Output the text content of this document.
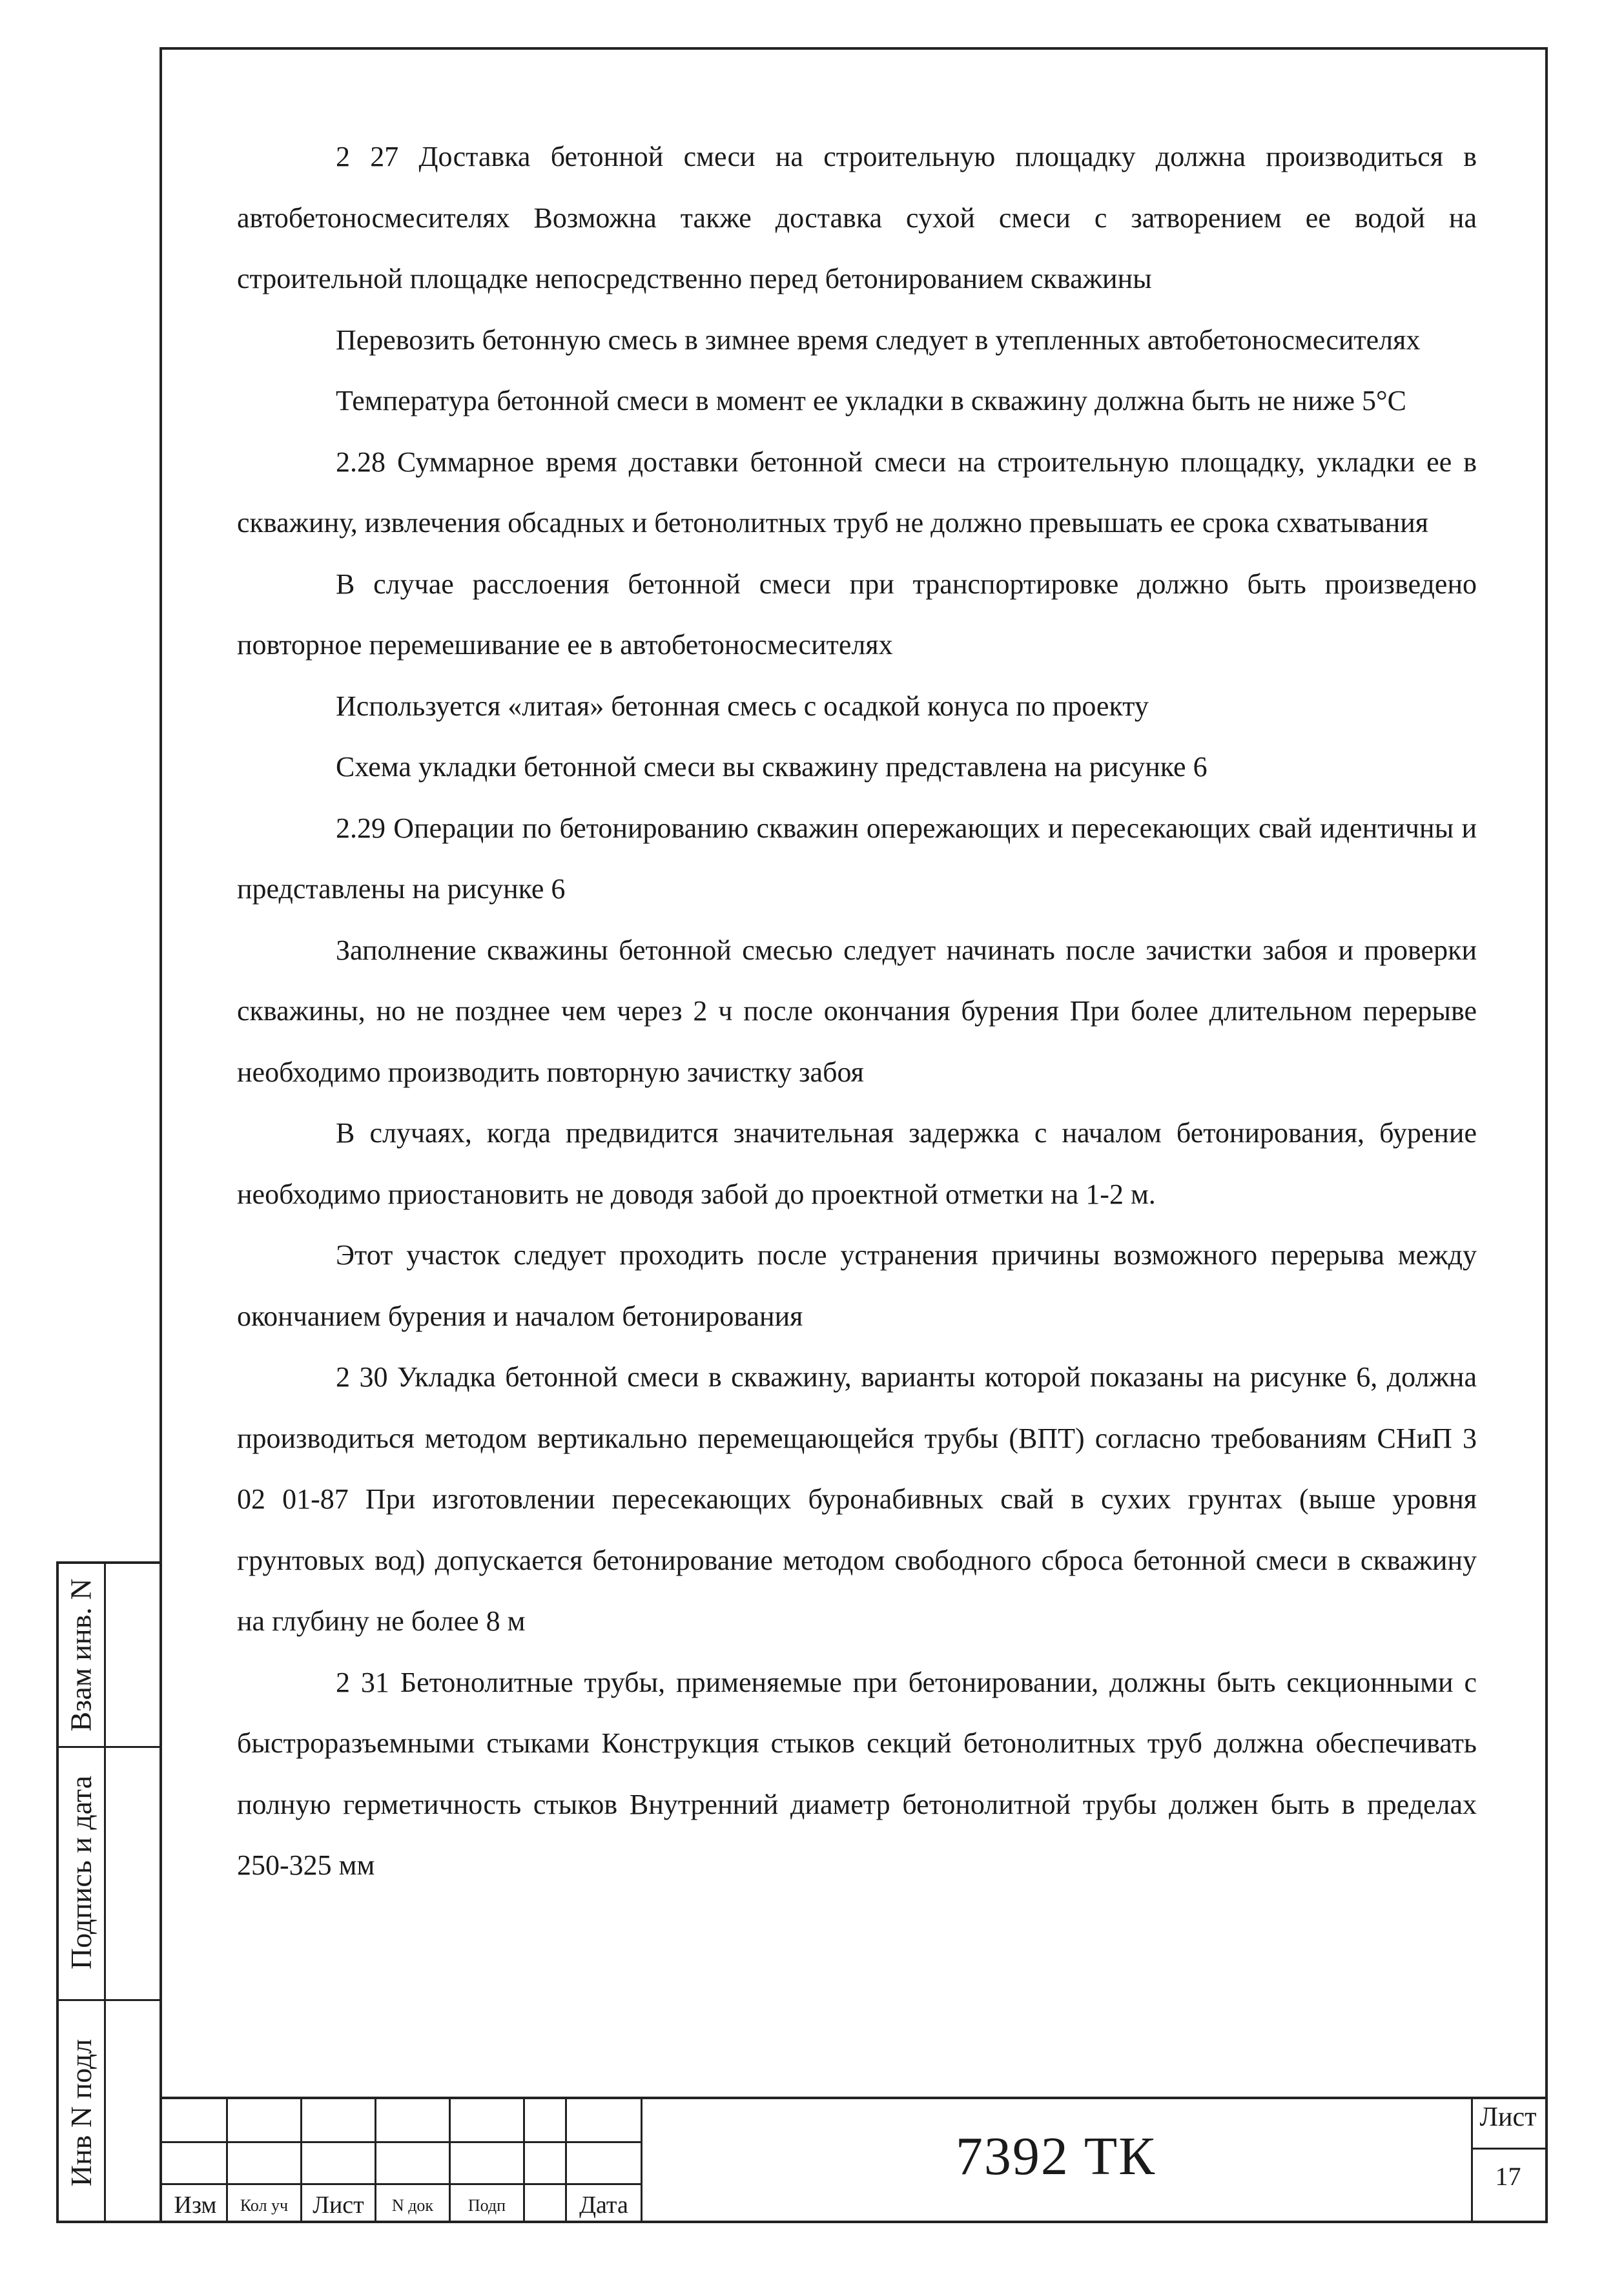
2 27 Доставка бетонной смеси на строительную площадку должна производиться в автобетоносмесителях Возможна также доставка сухой смеси с затворением ее водой на строительной площадке непосредственно перед бетонированием скважины

Перевозить бетонную смесь в зимнее время следует в утепленных автобетоносмесителях

Температура бетонной смеси в момент ее укладки в скважину должна быть не ниже 5°С

2.28 Суммарное время доставки бетонной смеси на строительную площадку, укладки ее в скважину, извлечения обсадных и бетонолитных труб не должно превышать ее срока схватывания

В случае расслоения бетонной смеси при транспортировке должно быть произведено повторное перемешивание ее в автобетоносмесителях

Используется «литая» бетонная смесь с осадкой конуса по проекту

Схема укладки бетонной смеси вы скважину представлена на рисунке 6

2.29 Операции по бетонированию скважин опережающих и пересекающих свай идентичны и представлены на рисунке 6

Заполнение скважины бетонной смесью следует начинать после зачистки забоя и проверки скважины, но не позднее чем через 2 ч после окончания бурения При более длительном перерыве необходимо производить повторную зачистку забоя

В случаях, когда предвидится значительная задержка с началом бетонирования, бурение необходимо приостановить не доводя забой до проектной отметки на 1-2 м.

Этот участок следует проходить после устранения причины возможного перерыва между окончанием бурения и началом бетонирования

2 30 Укладка бетонной смеси в скважину, варианты которой показаны на рисунке 6, должна производиться методом вертикально перемещающейся трубы (ВПТ) согласно требованиям СНиП 3 02 01-87 При изготовлении пересекающих буронабивных свай в сухих грунтах (выше уровня грунтовых вод) допускается бетонирование методом свободного сброса бетонной смеси в скважину на глубину не более 8 м

2 31 Бетонолитные трубы, применяемые при бетонировании, должны быть секционными с быстроразъемными стыками Конструкция стыков секций бетонолитных труб должна обеспечивать полную герметичность стыков Внутренний диаметр бетонолитной трубы должен быть в пределах 250-325 мм

Взам инв. N
Подпись и дата
Инв N подл
Изм	Кол уч	Лист	N док	Подп	Дата
7392 ТК
Лист
17
